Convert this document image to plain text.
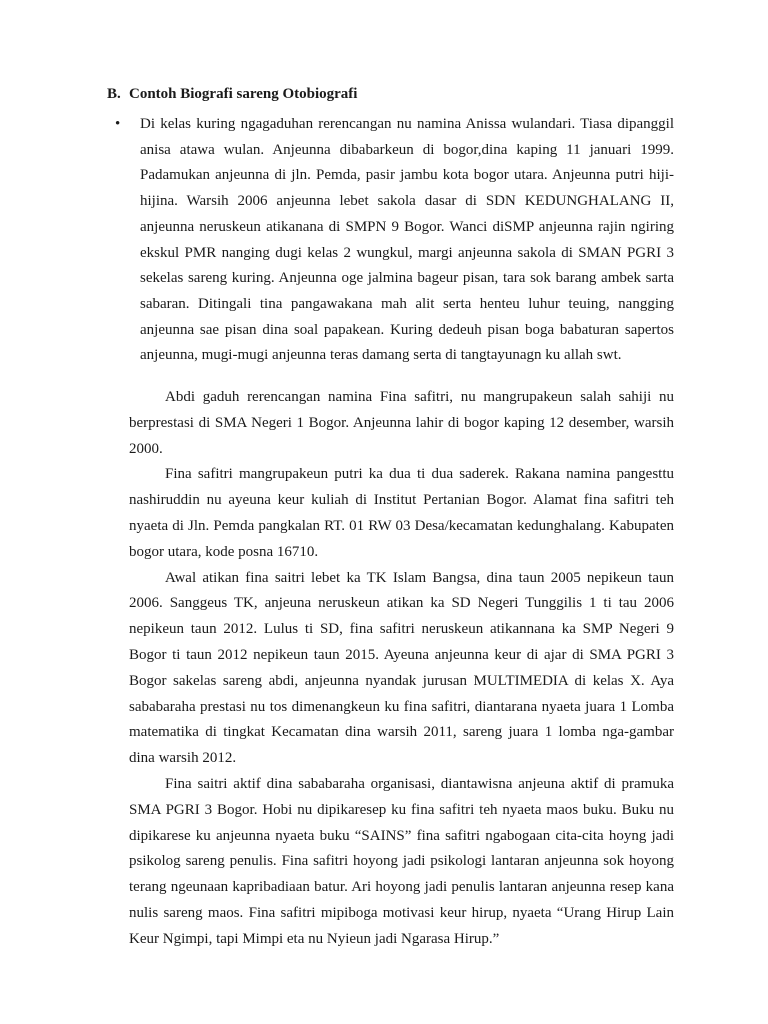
B. Contoh Biografi sareng Otobiografi
• Di kelas kuring ngagaduhan rerencangan nu namina Anissa wulandari. Tiasa dipanggil anisa atawa wulan. Anjeunna dibabarkeun di bogor,dina kaping 11 januari 1999. Padamukan anjeunna di jln. Pemda, pasir jambu kota bogor utara. Anjeunna putri hiji-hijina. Warsih 2006 anjeunna lebet sakola dasar di SDN KEDUNGHALANG II, anjeunna neruskeun atikanana di SMPN 9 Bogor. Wanci diSMP anjeunna rajin ngiring ekskul PMR nanging dugi kelas 2 wungkul, margi anjeunna sakola di SMAN PGRI 3 sekelas sareng kuring. Anjeunna oge jalmina bageur pisan, tara sok barang ambek sarta sabaran. Ditingali tina pangawakana mah alit serta henteu luhur teuing, nangging anjeunna sae pisan dina soal papakean. Kuring dedeuh pisan boga babaturan sapertos anjeunna, mugi-mugi anjeunna teras damang serta di tangtayunagn ku allah swt.

Abdi gaduh rerencangan namina Fina safitri, nu mangrupakeun salah sahiji nu berprestasi di SMA Negeri 1 Bogor. Anjeunna lahir di bogor kaping 12 desember, warsih 2000.

Fina safitri mangrupakeun putri ka dua ti dua saderek. Rakana namina pangesttu nashiruddin nu ayeuna keur kuliah di Institut Pertanian Bogor. Alamat fina safitri teh nyaeta di Jln. Pemda pangkalan RT. 01 RW 03 Desa/kecamatan kedunghalang. Kabupaten bogor utara, kode posna 16710.

Awal atikan fina saitri lebet ka TK Islam Bangsa, dina taun 2005 nepikeun taun 2006. Sanggeus TK, anjeuna neruskeun atikan ka SD Negeri Tunggilis 1 ti tau 2006 nepikeun taun 2012. Lulus ti SD, fina safitri neruskeun atikannana ka SMP Negeri 9 Bogor ti taun 2012 nepikeun taun 2015. Ayeuna anjeunna keur di ajar di SMA PGRI 3 Bogor sakelas sareng abdi, anjeunna nyandak jurusan MULTIMEDIA di kelas X. Aya sababaraha prestasi nu tos dimenangkeun ku fina safitri, diantarana nyaeta juara 1 Lomba matematika di tingkat Kecamatan dina warsih 2011, sareng juara 1 lomba nga-gambar dina warsih 2012.

Fina saitri aktif dina sababaraha organisasi, diantawisna anjeuna aktif di pramuka SMA PGRI 3 Bogor. Hobi nu dipikaresep ku fina safitri teh nyaeta maos buku. Buku nu dipikarese ku anjeunna nyaeta buku “SAINS” fina safitri ngabogaan cita-cita hoyng jadi psikolog sareng penulis. Fina safitri hoyong jadi psikologi lantaran anjeunna sok hoyong terang ngeunaan kapribadiaan batur. Ari hoyong jadi penulis lantaran anjeunna resep kana nulis sareng maos. Fina safitri mipiboga motivasi keur hirup, nyaeta “Urang Hirup Lain Keur Ngimpi, tapi Mimpi eta nu Nyieun jadi Ngarasa Hirup.”
